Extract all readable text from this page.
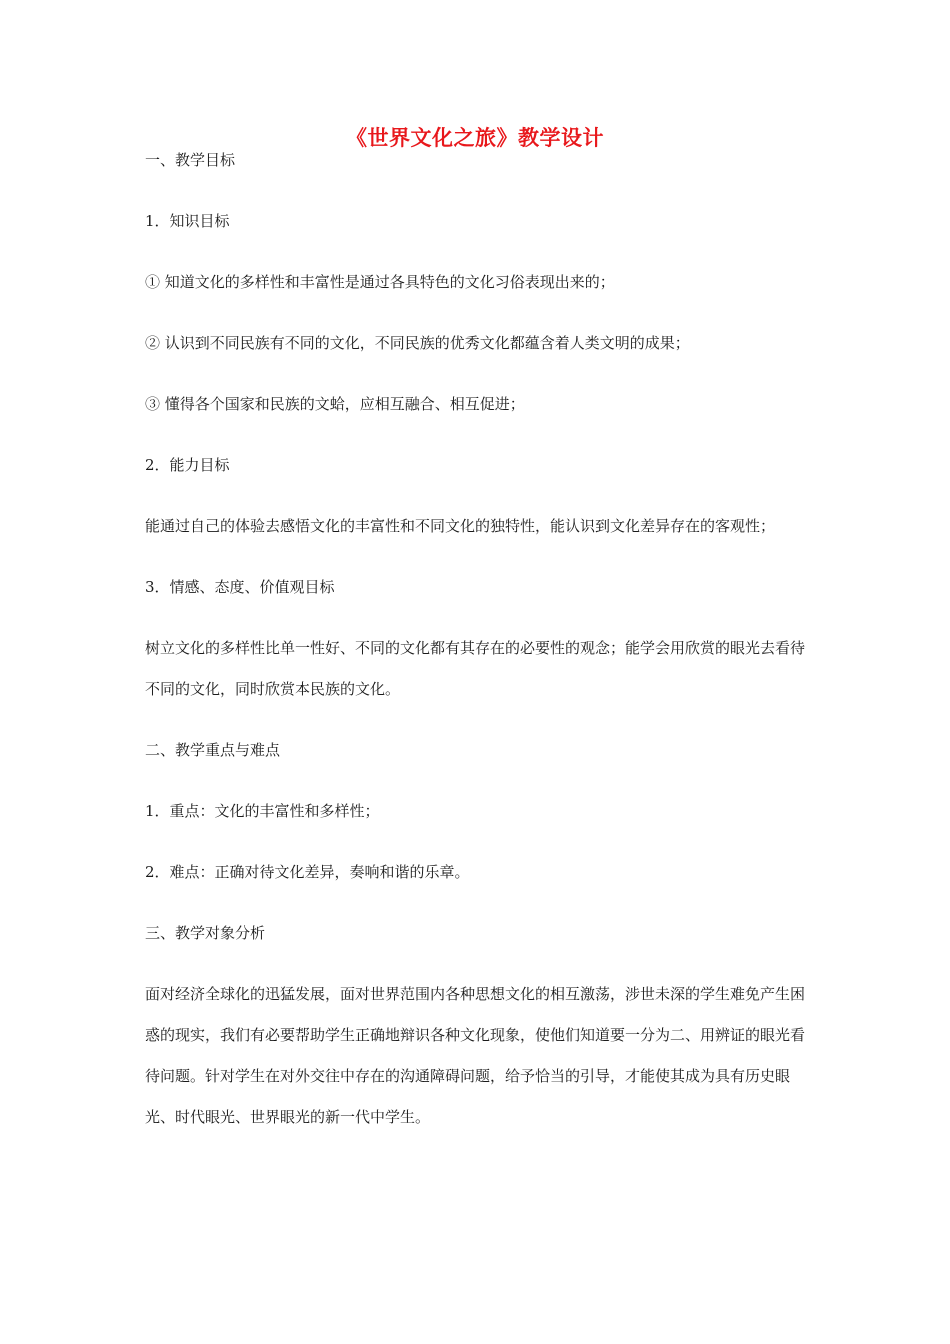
《世界文化之旅》教学设计

一、教学目标

1．知识目标

① 知道文化的多样性和丰富性是通过各具特色的文化习俗表现出来的；

② 认识到不同民族有不同的文化，不同民族的优秀文化都蕴含着人类文明的成果；

③ 懂得各个国家和民族的文蛤，应相互融合、相互促进；

2．能力目标

能通过自己的体验去感悟文化的丰富性和不同文化的独特性，能认识到文化差异存在的客观性；

3．情感、态度、价值观目标

树立文化的多样性比单一性好、不同的文化都有其存在的必要性的观念；能学会用欣赏的眼光去看待不同的文化，同时欣赏本民族的文化。

二、教学重点与难点

1．重点：文化的丰富性和多样性；

2．难点：正确对待文化差异，奏响和谐的乐章。

三、教学对象分析

面对经济全球化的迅猛发展，面对世界范围内各种思想文化的相互激荡，涉世未深的学生难免产生困惑的现实，我们有必要帮助学生正确地辩识各种文化现象，使他们知道要一分为二、用辨证的眼光看待问题。针对学生在对外交往中存在的沟通障碍问题，给予恰当的引导，才能使其成为具有历史眼光、时代眼光、世界眼光的新一代中学生。
